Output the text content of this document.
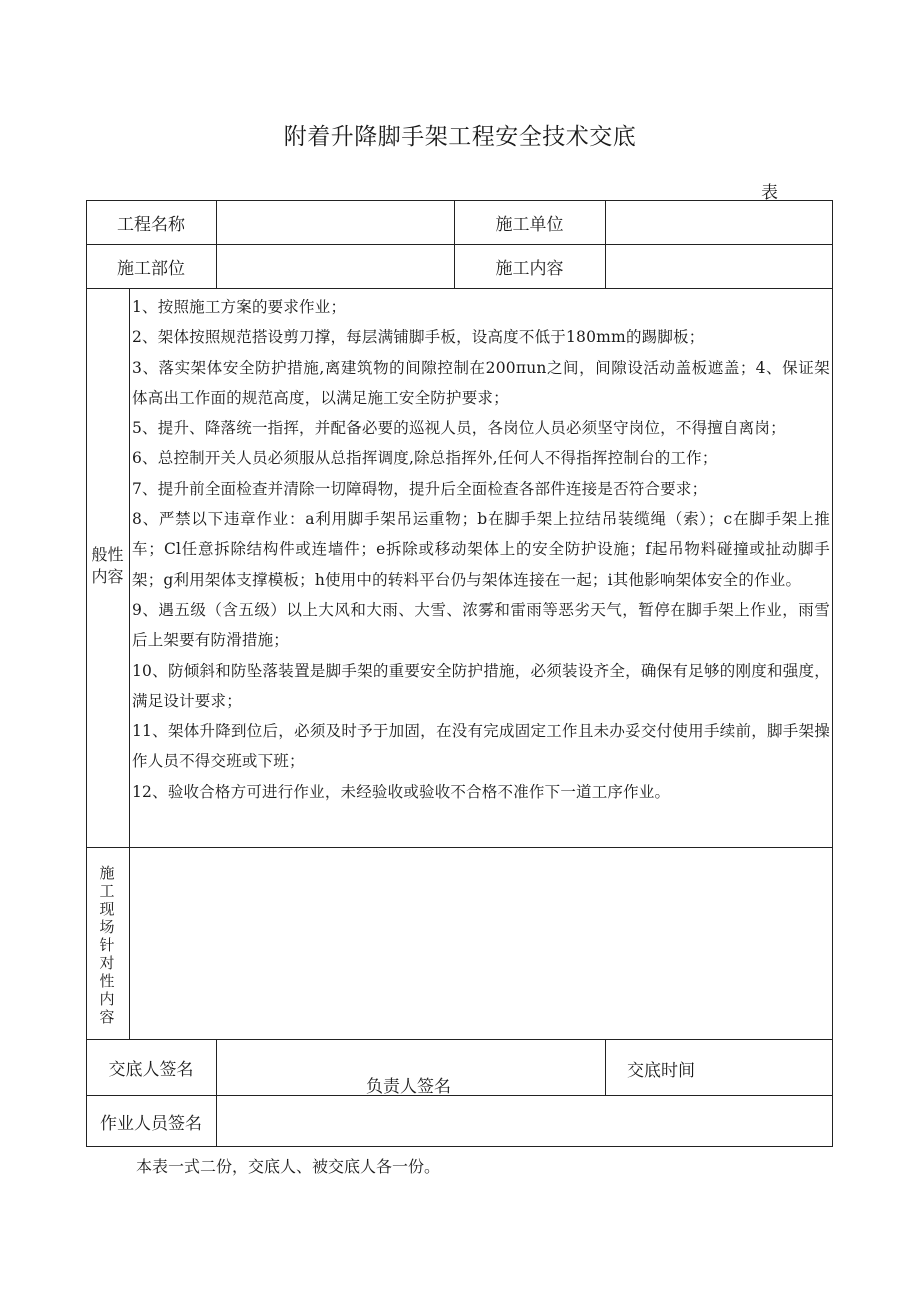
附着升降脚手架工程安全技术交底
表
工程名称	施工单位
施工部位	施工内容
般性
内容
1、按照施工方案的要求作业；
2、架体按照规范搭设剪刀撑，每层满铺脚手板，设高度不低于180mm的踢脚板；
3、落实架体安全防护措施,离建筑物的间隙控制在200πun之间，间隙设活动盖板遮盖；4、保证架体高出工作面的规范高度，以满足施工安全防护要求；
5、提升、降落统一指挥，并配备必要的巡视人员，各岗位人员必须坚守岗位，不得擅自离岗；
6、总控制开关人员必须服从总指挥调度,除总指挥外,任何人不得指挥控制台的工作；
7、提升前全面检查并清除一切障碍物，提升后全面检查各部件连接是否符合要求；
8、严禁以下违章作业：a利用脚手架吊运重物；b在脚手架上拉结吊装缆绳（索）；c在脚手架上推车；Cl任意拆除结构件或连墙件；e拆除或移动架体上的安全防护设施；f起吊物料碰撞或扯动脚手架；g利用架体支撑模板；h使用中的转料平台仍与架体连接在一起；i其他影响架体安全的作业。
9、遇五级（含五级）以上大风和大雨、大雪、浓雾和雷雨等恶劣天气，暂停在脚手架上作业，雨雪后上架要有防滑措施；
10、防倾斜和防坠落装置是脚手架的重要安全防护措施，必须装设齐全，确保有足够的刚度和强度，满足设计要求；
11、架体升降到位后，必须及时予于加固，在没有完成固定工作且未办妥交付使用手续前，脚手架操作人员不得交班或下班；
12、验收合格方可进行作业，未经验收或验收不合格不准作下一道工序作业。
施
工
现
场
针
对
性
内
容
交底人签名
负责人签名
交底时间
作业人员签名
本表一式二份，交底人、被交底人各一份。
